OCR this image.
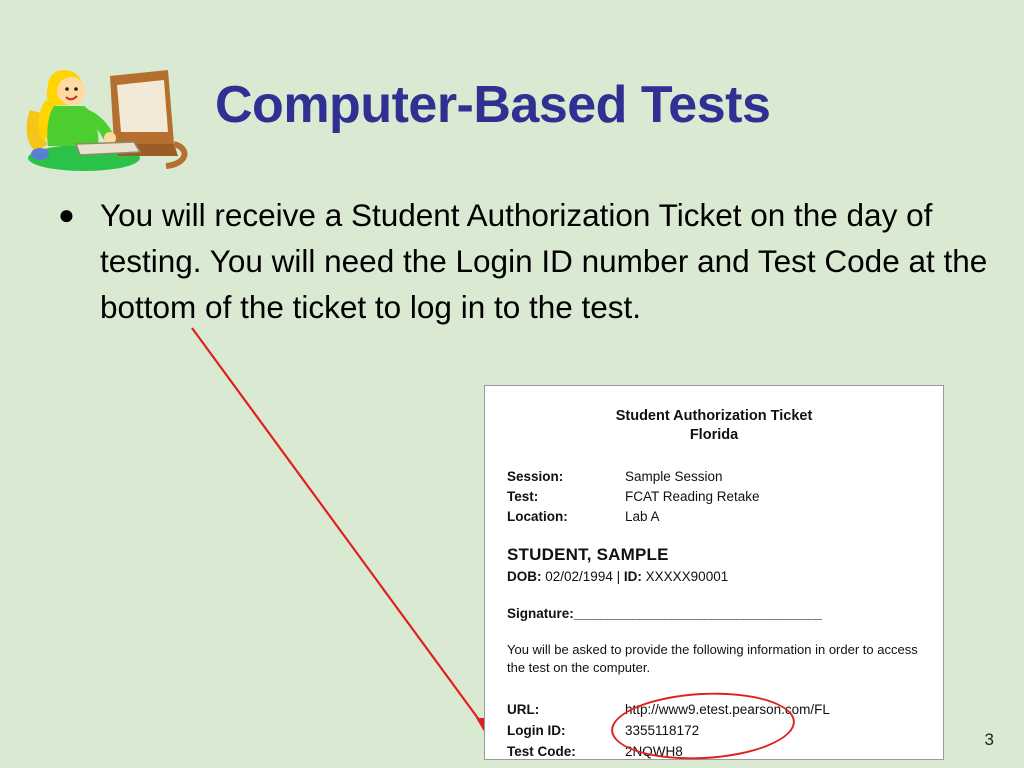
Computer-Based Tests
● You will receive a Student Authorization Ticket on the day of testing. You will need the Login ID number and Test Code at the bottom of the ticket to log in to the test.
Student Authorization Ticket
Florida
Session:	Sample Session
Test:	FCAT Reading Retake
Location:	Lab A
STUDENT, SAMPLE
DOB: 02/02/1994 | ID: XXXXX90001
Signature:______________________________________
You will be asked to provide the following information in order to access the test on the computer.
URL:	http://www9.etest.pearson.com/FL
Login ID:	3355118172
Test Code:	2NQWH8
3
